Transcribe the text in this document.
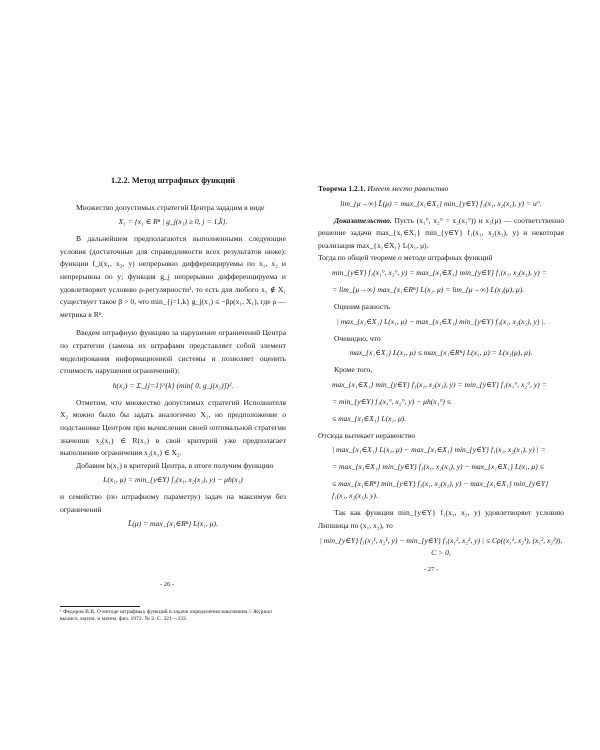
1.2.2. Метод штрафных функций

Множество допустимых стратегий Центра зададим в виде

X₁ = {x₁ ∈ Rⁿ | g_j(x₁) ≥ 0, j = 1,k̄}.

В дальнейшем предполагаются выполненными следующие условия (достаточные для справедливости всех результатов ниже): функции f_i(x₁, x₂, y) непрерывно дифференцируемы по x₁, x₂ и непрерывны по y; функция g_j непрерывно дифференцируема и удовлетворяет условию ρ-регулярности¹, то есть для любого x₁ ∉ X₁ существует такое β > 0, что min_{j=1,k} g_j(x₁) ≤ −βρ(x₁, X₁), где ρ — метрика в Rⁿ.

Введем штрафную функцию за нарушение ограничений Центра по стратегии (замена их штрафами представляет собой элемент моделирования информационной системы и позволяет оценить стоимость нарушения ограничений):

h(x₁) = Σ_{j=1}^{k} (min[ 0, g_j(x₁)])².

Отметим, что множество допустимых стратегий Исполнителя X₂ можно было бы задать аналогично X₁, но предположение о подстановке Центром при вычислении своей оптимальной стратегии значения x₂(x₁) ∈ R(x₁) в свой критерий уже предполагает выполнение ограничения x₂(x₁) ∈ X₂.

Добавим h(x₁) в критерий Центра, в итоге получим функцию

L(x₁, μ) = min_{y∈Y} f₁(x₁, x₂(x₁), y) − μh(x₁)

и семейство (по штрафному параметру) задач на максимум без ограничений

L̃(μ) = max_{x₁∈Rⁿ} L(x₁, μ).

¹ Федоров В.В. О методе штрафных функций в задаче определения максимина // Журнал вычисл. матем. и матем. физ. 1972. № 2. С. 321—333.

- 26 -

Теорема 1.2.1. Имеет место равенство

lim_{μ→∞} L̃(μ) = max_{x₁∈X₁} min_{y∈Y} f₁(x₁, x₂(x₁), y) = u°.

Доказательство. Пусть (x₁°, x₂° = x₂(x₁°)) и x₁(μ) — соответственно решение задачи max_{x₁∈X₁} min_{y∈Y} f₁(x₁, x₂(x₁), y) и некоторая реализация max_{x₁∈X₁} L(x₁, μ).

Тогда по общей теореме о методе штрафных функций

min_{y∈Y} f₁(x₁°, x₂°, y) = max_{x₁∈X₁} min_{y∈Y} f₁(x₁, x₂(x₁), y) =

= lim_{μ→∞} max_{x₁∈Rⁿ} L(x₁, μ) = lim_{μ→∞} L(x₁(μ), μ).

Оценим разность

| max_{x₁∈X₁} L(x₁, μ) − max_{x₁∈X₁} min_{y∈Y} f₁(x₁, x₂(x₁), y) |.

Очевидно, что

max_{x₁∈X₁} L(x₁, μ) ≤ max_{x₁∈Rⁿ} L(x₁, μ) = L(x₁(μ), μ).

Кроме того,

max_{x₁∈X₁} min_{y∈Y} f₁(x₁, x₂(x₁), y) = min_{y∈Y} f₁(x₁°, x₂°, y) =

= min_{y∈Y} f₁(x₁°, x₂°, y) − μh(x₁°) ≤

≤ max_{x₁∈X₁} L(x₁, μ).

Отсюда вытекает неравенство

| max_{x₁∈X₁} L(x₁, μ) − max_{x₁∈X₁} min_{y∈Y} f₁(x₁, x₂(x₁), y) | =

= max_{x₁∈X₁} min_{y∈Y} f₁(x₁, x₂(x₁), y) − max_{x₁∈X₁} L(x₁, μ) ≤

≤ max_{x₁∈Rⁿ} min_{y∈Y} f₁(x₁, x₂(x₁), y) − max_{x₁∈X₁} min_{y∈Y} f₁(x₁, x₂(x₁), y).

Так как функция min_{y∈Y} f₁(x₁, x₂, y) удовлетворяет условию Липшица по (x₁, x₂), то

| min_{y∈Y} f₁(x₁¹, x₂¹, y) − min_{y∈Y} f₁(x₁², x₂², y) | ≤ Cρ((x₁¹, x₂¹), (x₁², x₂²)), C > 0,

- 27 -
